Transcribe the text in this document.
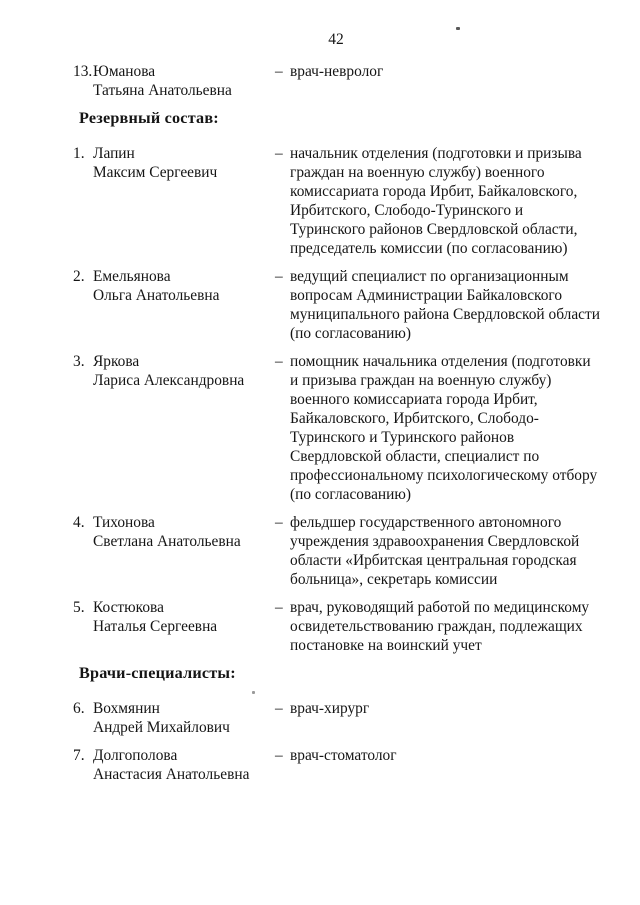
42
13. Юманова
Татьяна Анатольевна
– врач-невролог
Резервный состав:
1. Лапин
Максим Сергеевич
– начальник отделения (подготовки и призыва граждан на военную службу) военного комиссариата города Ирбит, Байкаловского, Ирбитского, Слободо-Туринского и Туринского районов Свердловской области, председатель комиссии (по согласованию)
2. Емельянова
Ольга Анатольевна
– ведущий специалист по организационным вопросам Администрации Байкаловского муниципального района Свердловской области (по согласованию)
3. Яркова
Лариса Александровна
– помощник начальника отделения (подготовки и призыва граждан на военную службу) военного комиссариата города Ирбит, Байкаловского, Ирбитского, Слободо-Туринского и Туринского районов Свердловской области, специалист по профессиональному психологическому отбору (по согласованию)
4. Тихонова
Светлана Анатольевна
– фельдшер государственного автономного учреждения здравоохранения Свердловской области «Ирбитская центральная городская больница», секретарь комиссии
5. Костюкова
Наталья Сергеевна
– врач, руководящий работой по медицинскому освидетельствованию граждан, подлежащих постановке на воинский учет
Врачи-специалисты:
6. Вохмянин
Андрей Михайлович
– врач-хирург
7. Долгополова
Анастасия Анатольевна
– врач-стоматолог
